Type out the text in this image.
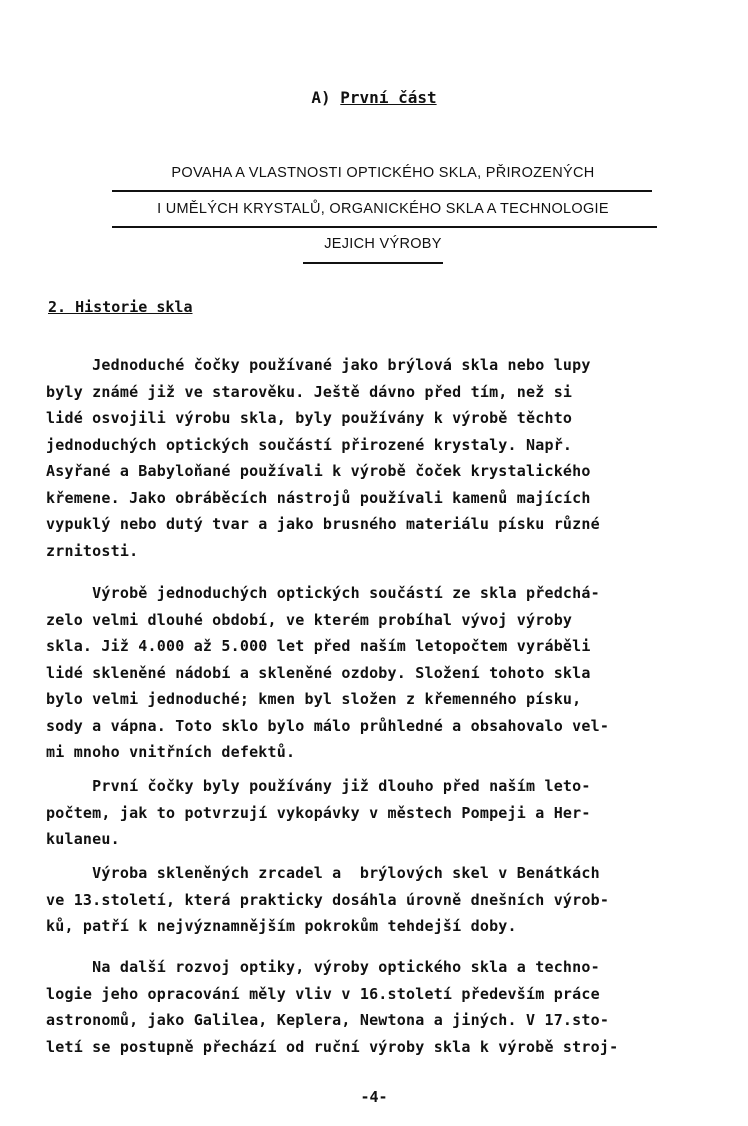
A) První část
POVAHA A VLASTNOSTI OPTICKÉHO SKLA, PŘIROZENÝCH
I UMĚLÝCH KRYSTALŮ, ORGANICKÉHO SKLA A TECHNOLOGIE
JEJICH VÝROBY
2. Historie skla
Jednoduché čočky používané jako brýlová skla nebo lupy
byly známé již ve starověku. Ještě dávno před tím, než si
lidé osvojili výrobu skla, byly používány k výrobě těchto
jednoduchých optických součástí přirozené krystaly. Např.
Asyřané a Babyloňané používali k výrobě čoček krystalického
křemene. Jako obráběcích nástrojů používali kamenů majících
vypuklý nebo dutý tvar a jako brusného materiálu písku různé
zrnitosti.
Výrobě jednoduchých optických součástí ze skla předchá-
zelo velmi dlouhé období, ve kterém probíhal vývoj výroby
skla. Již 4.000 až 5.000 let před naším letopočtem vyráběli
lidé skleněné nádobí a skleněné ozdoby. Složení tohoto skla
bylo velmi jednoduché; kmen byl složen z křemenného písku,
sody a vápna. Toto sklo bylo málo průhledné a obsahovalo vel-
mi mnoho vnitřních defektů.
První čočky byly používány již dlouho před naším leto-
počtem, jak to potvrzují vykopávky v městech Pompeji a Her-
kulaneu.
Výroba skleněných zrcadel a  brýlových skel v Benátkách
ve 13.století, která prakticky dosáhla úrovně dnešních výrob-
ků, patří k nejvýznamnějším pokrokům tehdejší doby.
Na další rozvoj optiky, výroby optického skla a techno-
logie jeho opracování měly vliv v 16.století především práce
astronomů, jako Galilea, Keplera, Newtona a jiných. V 17.sto-
letí se postupně přechází od ruční výroby skla k výrobě stroj-
-4-
